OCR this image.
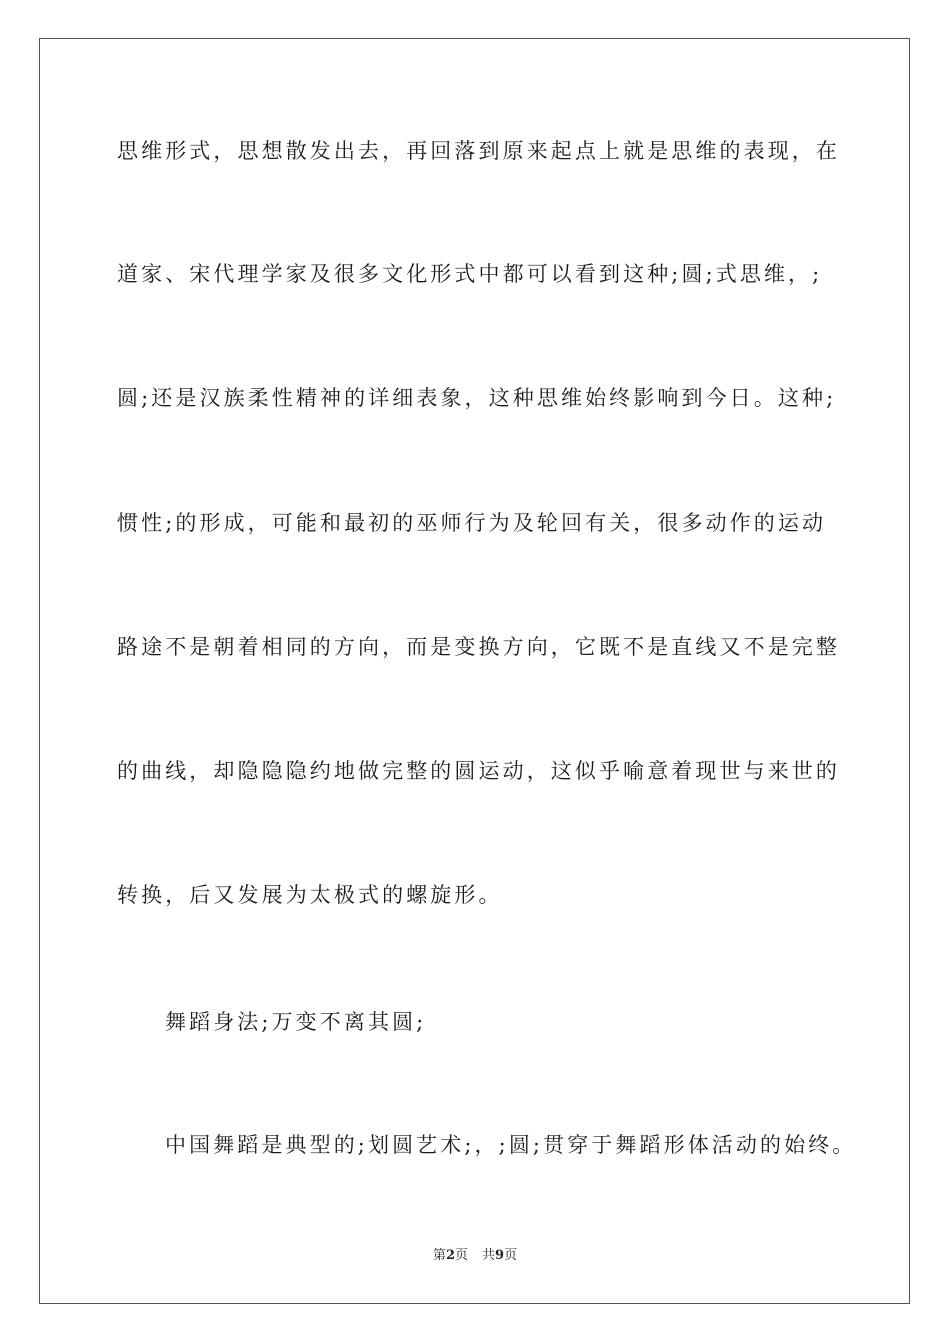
思维形式，思想散发出去，再回落到原来起点上就是思维的表现，在

道家、宋代理学家及很多文化形式中都可以看到这种;圆;式思维，;

圆;还是汉族柔性精神的详细表象，这种思维始终影响到今日。这种;

惯性;的形成，可能和最初的巫师行为及轮回有关，很多动作的运动

路途不是朝着相同的方向，而是变换方向，它既不是直线又不是完整

的曲线，却隐隐隐约地做完整的圆运动，这似乎喻意着现世与来世的

转换，后又发展为太极式的螺旋形。

舞蹈身法;万变不离其圆;

中国舞蹈是典型的;划圆艺术;，;圆;贯穿于舞蹈形体活动的始终。

第2页 共9页
